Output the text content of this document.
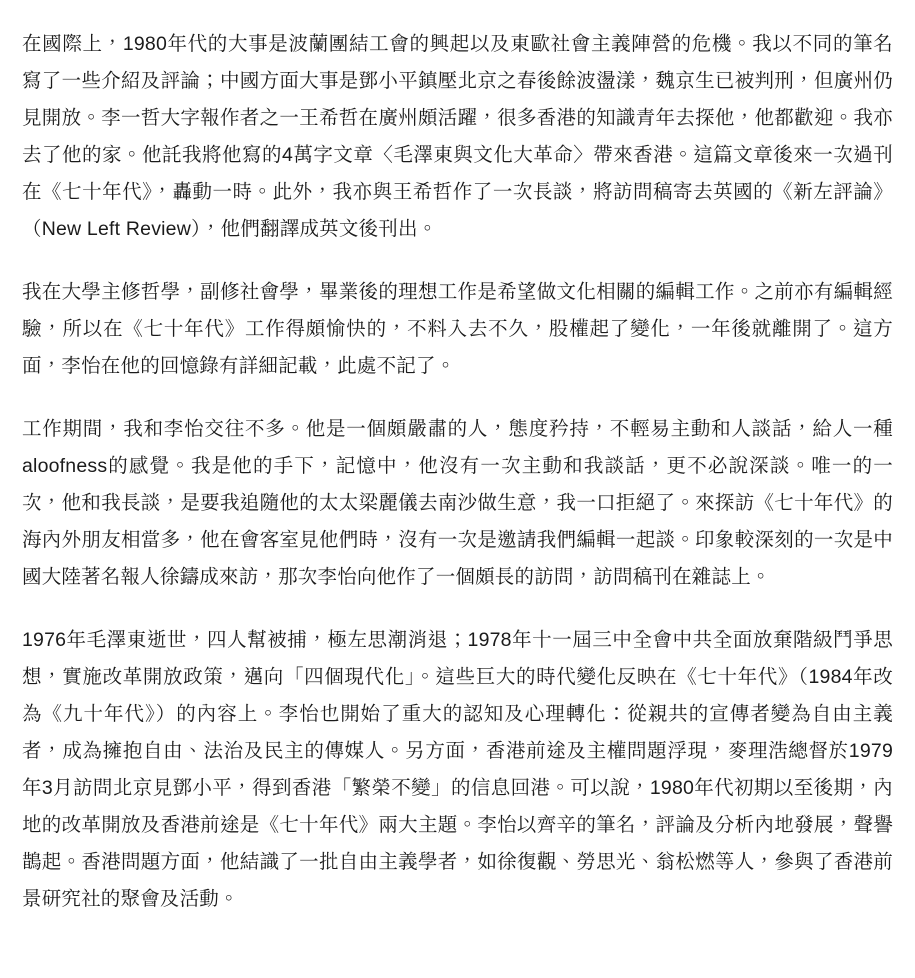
在國際上，1980年代的大事是波蘭團結工會的興起以及東歐社會主義陣營的危機。我以不同的筆名寫了一些介紹及評論；中國方面大事是鄧小平鎮壓北京之春後餘波盪漾，魏京生已被判刑，但廣州仍見開放。李一哲大字報作者之一王希哲在廣州頗活躍，很多香港的知識青年去探他，他都歡迎。我亦去了他的家。他託我將他寫的4萬字文章〈毛澤東與文化大革命〉帶來香港。這篇文章後來一次過刊在《七十年代》，轟動一時。此外，我亦與王希哲作了一次長談，將訪問稿寄去英國的《新左評論》（New Left Review），他們翻譯成英文後刊出。

我在大學主修哲學，副修社會學，畢業後的理想工作是希望做文化相關的編輯工作。之前亦有編輯經驗，所以在《七十年代》工作得頗愉快的，不料入去不久，股權起了變化，一年後就離開了。這方面，李怡在他的回憶錄有詳細記載，此處不記了。

工作期間，我和李怡交往不多。他是一個頗嚴肅的人，態度矜持，不輕易主動和人談話，給人一種aloofness的感覺。我是他的手下，記憶中，他沒有一次主動和我談話，更不必說深談。唯一的一次，他和我長談，是要我追隨他的太太梁麗儀去南沙做生意，我一口拒絕了。來探訪《七十年代》的海內外朋友相當多，他在會客室見他們時，沒有一次是邀請我們編輯一起談。印象較深刻的一次是中國大陸著名報人徐鑄成來訪，那次李怡向他作了一個頗長的訪問，訪問稿刊在雜誌上。

1976年毛澤東逝世，四人幫被捕，極左思潮消退；1978年十一屆三中全會中共全面放棄階級鬥爭思想，實施改革開放政策，邁向「四個現代化」。這些巨大的時代變化反映在《七十年代》（1984年改為《九十年代》）的內容上。李怡也開始了重大的認知及心理轉化：從親共的宣傳者變為自由主義者，成為擁抱自由、法治及民主的傳媒人。另方面，香港前途及主權問題浮現，麥理浩總督於1979年3月訪問北京見鄧小平，得到香港「繁榮不變」的信息回港。可以說，1980年代初期以至後期，內地的改革開放及香港前途是《七十年代》兩大主題。李怡以齊辛的筆名，評論及分析內地發展，聲譽鵲起。香港問題方面，他結識了一批自由主義學者，如徐復觀、勞思光、翁松燃等人，參與了香港前景研究社的聚會及活動。
